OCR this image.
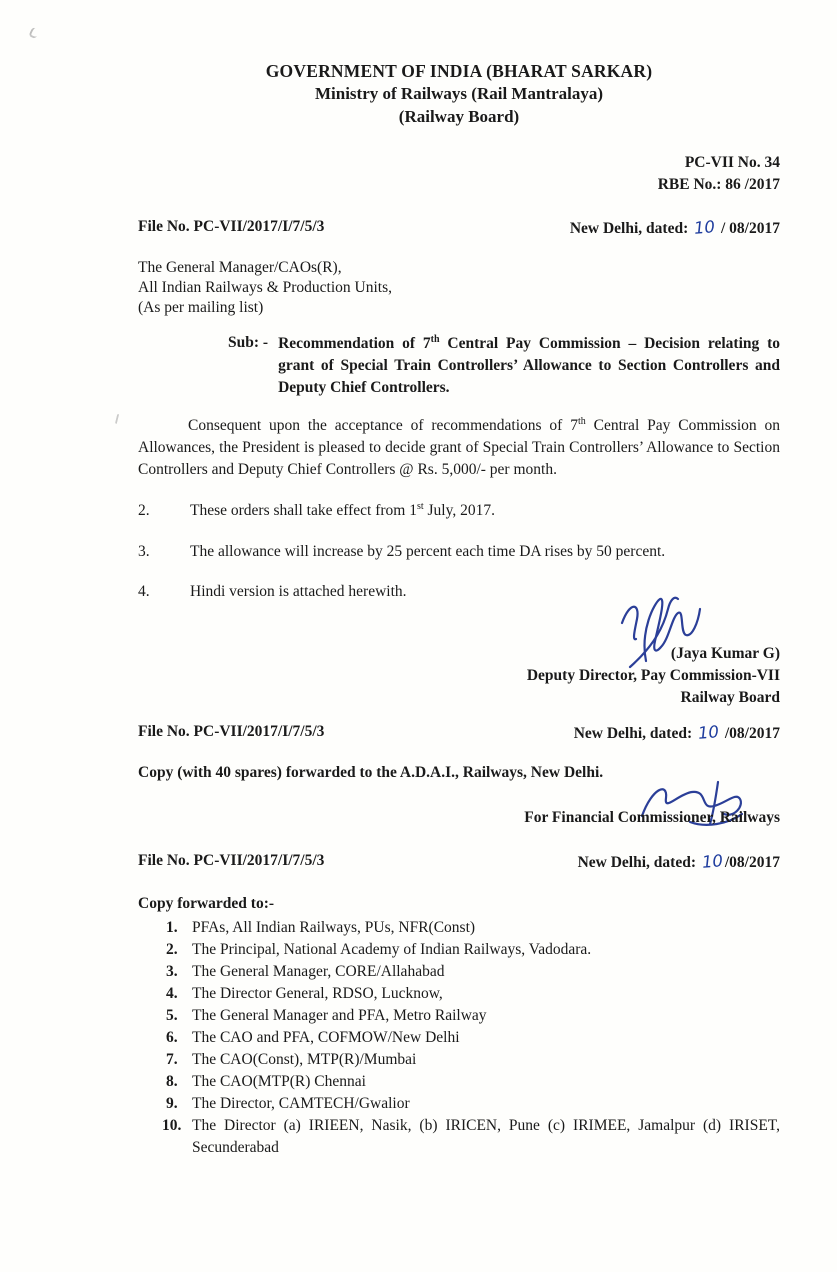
GOVERNMENT OF INDIA (BHARAT SARKAR)
Ministry of Railways (Rail Mantralaya)
(Railway Board)
PC-VII No. 34
RBE No.: 86 /2017
File No. PC-VII/2017/I/7/5/3	New Delhi, dated: 10 / 08/2017
The General Manager/CAOs(R),
All Indian Railways & Production Units,
(As per mailing list)
Sub: - Recommendation of 7th Central Pay Commission – Decision relating to grant of Special Train Controllers’ Allowance to Section Controllers and Deputy Chief Controllers.

Consequent upon the acceptance of recommendations of 7th Central Pay Commission on Allowances, the President is pleased to decide grant of Special Train Controllers’ Allowance to Section Controllers and Deputy Chief Controllers @ Rs. 5,000/- per month.

2.	These orders shall take effect from 1st July, 2017.
3.	The allowance will increase by 25 percent each time DA rises by 50 percent.
4.	Hindi version is attached herewith.
(Jaya Kumar G)
Deputy Director, Pay Commission-VII
Railway Board
File No. PC-VII/2017/I/7/5/3	New Delhi, dated: 10 /08/2017
Copy (with 40 spares) forwarded to the A.D.A.I., Railways, New Delhi.
For Financial Commissioner, Railways
File No. PC-VII/2017/I/7/5/3	New Delhi, dated: 10/08/2017
Copy forwarded to:-
1. PFAs, All Indian Railways, PUs, NFR(Const)
2. The Principal, National Academy of Indian Railways, Vadodara.
3. The General Manager, CORE/Allahabad
4. The Director General, RDSO, Lucknow,
5. The General Manager and PFA, Metro Railway
6. The CAO and PFA, COFMOW/New Delhi
7. The CAO(Const), MTP(R)/Mumbai
8. The CAO(MTP(R) Chennai
9. The Director, CAMTECH/Gwalior
10. The Director (a) IRIEEN, Nasik, (b) IRICEN, Pune (c) IRIMEE, Jamalpur (d) IRISET, Secunderabad
